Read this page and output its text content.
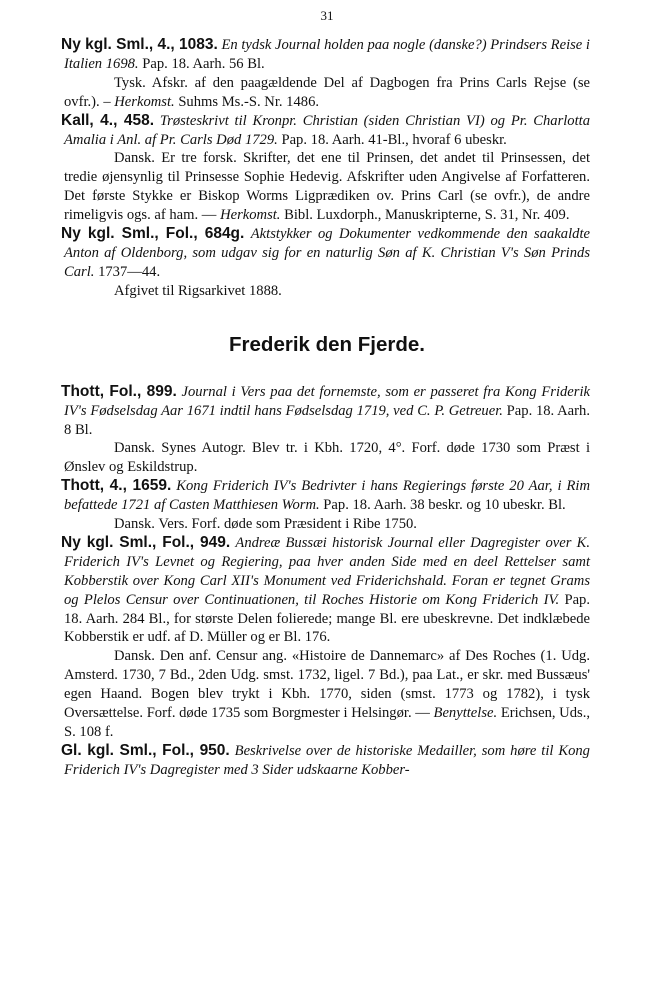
31

Ny kgl. Sml., 4., 1083. En tydsk Journal holden paa nogle (danske?) Prindsers Reise i Italien 1698. Pap. 18. Aarh. 56 Bl.

Tysk. Afskr. af den paagældende Del af Dagbogen fra Prins Carls Rejse (se ovfr.). – Herkomst. Suhms Ms.-S. Nr. 1486.

Kall, 4., 458. Trøsteskrivt til Kronpr. Christian (siden Christian VI) og Pr. Charlotta Amalia i Anl. af Pr. Carls Død 1729. Pap. 18. Aarh. 41-Bl., hvoraf 6 ubeskr.

Dansk. Er tre forsk. Skrifter, det ene til Prinsen, det andet til Prinsessen, det tredie øjensynlig til Prinsesse Sophie Hedevig. Afskrifter uden Angivelse af Forfatteren. Det første Stykke er Biskop Worms Ligprædiken ov. Prins Carl (se ovfr.), de andre rimeligvis ogs. af ham. — Herkomst. Bibl. Luxdorph., Manuskripterne, S. 31, Nr. 409.

Ny kgl. Sml., Fol., 684g. Aktstykker og Dokumenter vedkommende den saakaldte Anton af Oldenborg, som udgav sig for en naturlig Søn af K. Christian V's Søn Prinds Carl. 1737—44.

Afgivet til Rigsarkivet 1888.

Frederik den Fjerde.

Thott, Fol., 899. Journal i Vers paa det fornemste, som er passeret fra Kong Friderik IV's Fødselsdag Aar 1671 indtil hans Fødselsdag 1719, ved C. P. Getreuer. Pap. 18. Aarh. 8 Bl.

Dansk. Synes Autogr. Blev tr. i Kbh. 1720, 4°. Forf. døde 1730 som Præst i Ønslev og Eskildstrup.

Thott, 4., 1659. Kong Friderich IV's Bedrivter i hans Regierings første 20 Aar, i Rim befattede 1721 af Casten Matthiesen Worm. Pap. 18. Aarh. 38 beskr. og 10 ubeskr. Bl.

Dansk. Vers. Forf. døde som Præsident i Ribe 1750.

Ny kgl. Sml., Fol., 949. Andreæ Bussæi historisk Journal eller Dagregister over K. Friderich IV's Levnet og Regiering, paa hver anden Side med en deel Rettelser samt Kobberstik over Kong Carl XII's Monument ved Friderichshald. Foran er tegnet Grams og Plelos Censur over Continuationen, til Roches Historie om Kong Friderich IV. Pap. 18. Aarh. 284 Bl., for største Delen folierede; mange Bl. ere ubeskrevne. Det indklæbede Kobberstik er udf. af D. Müller og er Bl. 176.

Dansk. Den anf. Censur ang. «Histoire de Dannemarc» af Des Roches (1. Udg. Amsterd. 1730, 7 Bd., 2den Udg. smst. 1732, ligel. 7 Bd.), paa Lat., er skr. med Bussæus' egen Haand. Bogen blev trykt i Kbh. 1770, siden (smst. 1773 og 1782), i tysk Oversættelse. Forf. døde 1735 som Borgmester i Helsingør. — Benyttelse. Erichsen, Uds., S. 108 f.

Gl. kgl. Sml., Fol., 950. Beskrivelse over de historiske Medailler, som høre til Kong Friderich IV's Dagregister med 3 Sider udskaarne Kobber-
